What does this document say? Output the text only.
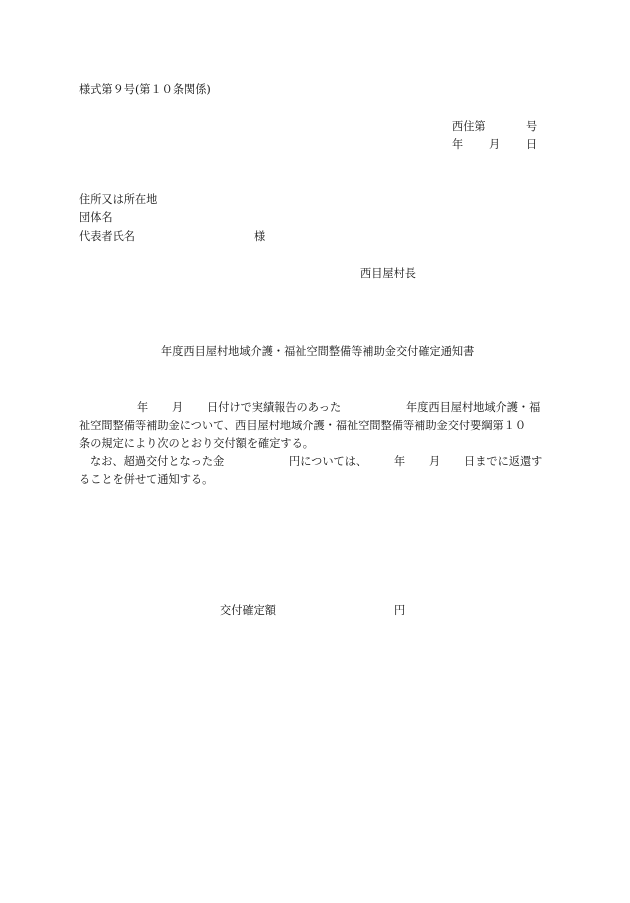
様式第９号(第１０条関係)
西住第	号
年 月 日
住所又は所在地
団体名
代表者氏名	様
西目屋村長
年度西目屋村地域介護・福祉空間整備等補助金交付確定通知書
年 月 日付けで実績報告のあった	年度西目屋村地域介護・福
祉空間整備等補助金について、西目屋村地域介護・福祉空間整備等補助金交付要綱第１０
条の規定により次のとおり交付額を確定する。
なお、超過交付となった金	円については、 年 月 日までに返還す
ることを併せて通知する。
交付確定額	円
